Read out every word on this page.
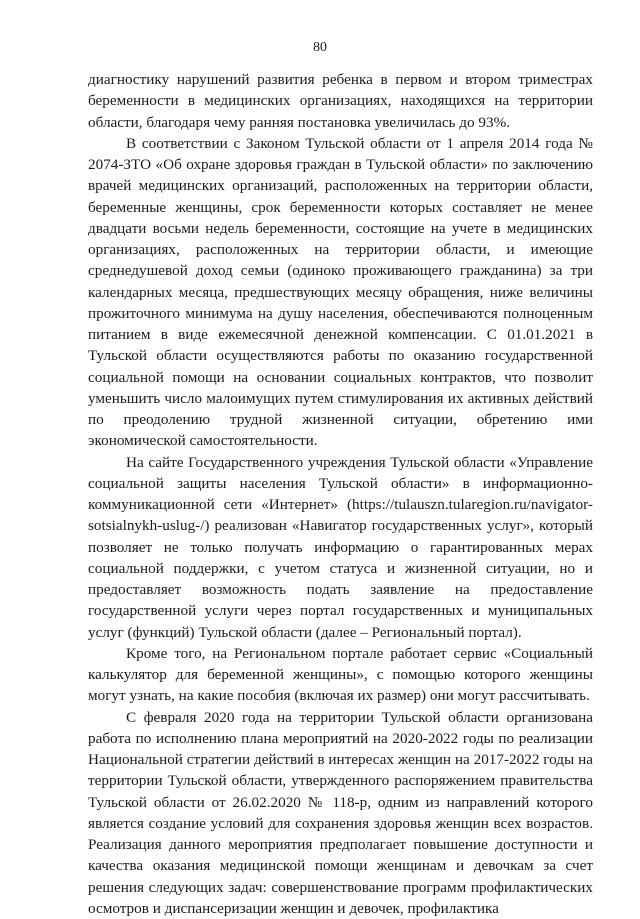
80

диагностику нарушений развития ребенка в первом и втором триместрах беременности в медицинских организациях, находящихся на территории области, благодаря чему ранняя постановка увеличилась до 93%.

В соответствии с Законом Тульской области от 1 апреля 2014 года № 2074-ЗТО «Об охране здоровья граждан в Тульской области» по заключению врачей медицинских организаций, расположенных на территории области, беременные женщины, срок беременности которых составляет не менее двадцати восьми недель беременности, состоящие на учете в медицинских организациях, расположенных на территории области, и имеющие среднедушевой доход семьи (одиноко проживающего гражданина) за три календарных месяца, предшествующих месяцу обращения, ниже величины прожиточного минимума на душу населения, обеспечиваются полноценным питанием в виде ежемесячной денежной компенсации. С 01.01.2021 в Тульской области осуществляются работы по оказанию государственной социальной помощи на основании социальных контрактов, что позволит уменьшить число малоимущих путем стимулирования их активных действий по преодолению трудной жизненной ситуации, обретению ими экономической самостоятельности.

На сайте Государственного учреждения Тульской области «Управление социальной защиты населения Тульской области» в информационно-коммуникационной сети «Интернет» (https://tulauszn.tularegion.ru/navigator-sotsialnykh-uslug-/) реализован «Навигатор государственных услуг», который позволяет не только получать информацию о гарантированных мерах социальной поддержки, с учетом статуса и жизненной ситуации, но и предоставляет возможность подать заявление на предоставление государственной услуги через портал государственных и муниципальных услуг (функций) Тульской области (далее – Региональный портал).

Кроме того, на Региональном портале работает сервис «Социальный калькулятор для беременной женщины», с помощью которого женщины могут узнать, на какие пособия (включая их размер) они могут рассчитывать.

С февраля 2020 года на территории Тульской области организована работа по исполнению плана мероприятий на 2020-2022 годы по реализации Национальной стратегии действий в интересах женщин на 2017-2022 годы на территории Тульской области, утвержденного распоряжением правительства Тульской области от 26.02.2020 № 118-р, одним из направлений которого является создание условий для сохранения здоровья женщин всех возрастов. Реализация данного мероприятия предполагает повышение доступности и качества оказания медицинской помощи женщинам и девочкам за счет решения следующих задач: совершенствование программ профилактических осмотров и диспансеризации женщин и девочек, профилактика
